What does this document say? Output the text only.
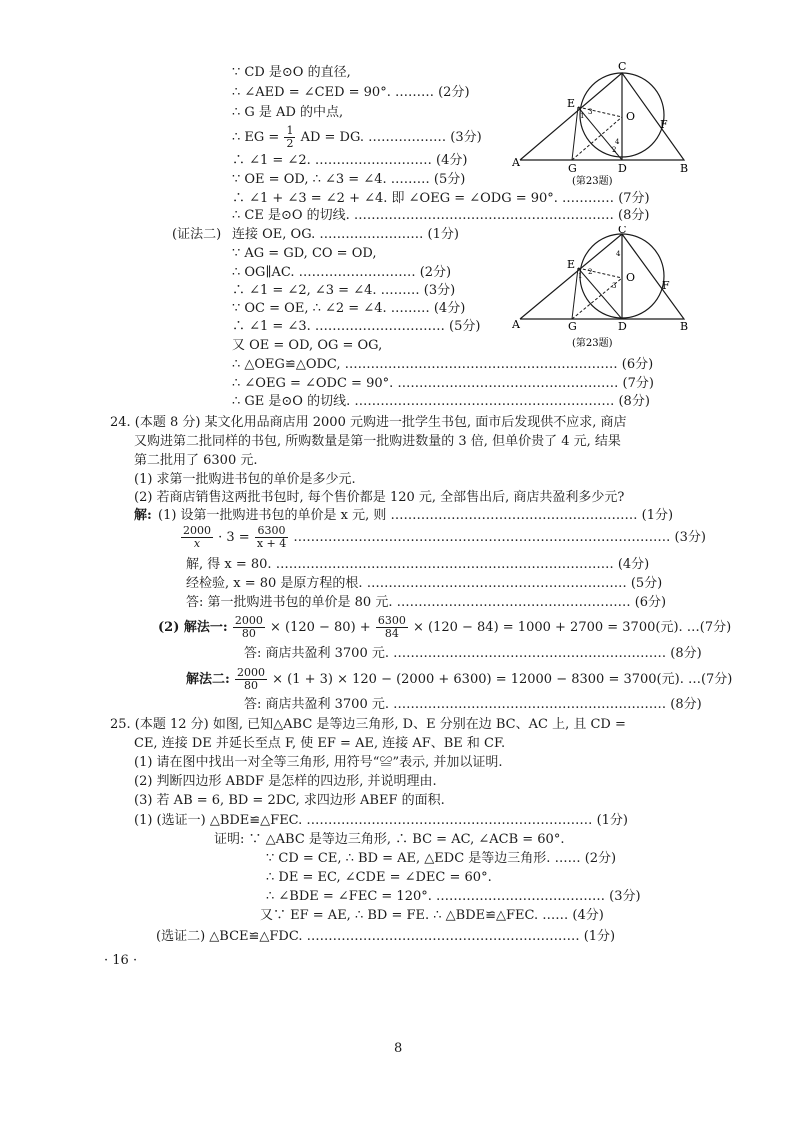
∵ CD 是⊙O 的直径,
∴ ∠AED = ∠CED = 90°. ……… (2分)
∴ G 是 AD 的中点,
∴ EG = $\frac{1}{2}$ AD = DG. ……………… (3分)
∴ ∠1 = ∠2. ……………………… (4分)
∵ OE = OD, ∴ ∠3 = ∠4. ……… (5分)
∴ ∠1 + ∠3 = ∠2 + ∠4. 即 ∠OEG = ∠ODG = 90°. ………… (7分)
∴ CE 是⊙O 的切线. …………………………………………………… (8分)
C
E
O
F
A	G	D	B
1
2
3
4
(第23题)
(证法二) 连接 OE, OG. …………………… (1分)
∵ AG = GD, CO = OD,
∴ OG∥AC. ……………………… (2分)
∴ ∠1 = ∠2, ∠3 = ∠4. ……… (3分)
∵ OC = OE, ∴ ∠2 = ∠4. ……… (4分)
∴ ∠1 = ∠3. ………………………… (5分)
又 OE = OD, OG = OG,
∴ △OEG≌△ODC, ……………………………………………………… (6分)
∴ ∠OEG = ∠ODC = 90°. …………………………………………… (7分)
∴ GE 是⊙O 的切线. …………………………………………………… (8分)
C
E
O
F
A	G	D	B
1 2
3
4
(第23题)
24. (本题 8 分) 某文化用品商店用 2000 元购进一批学生书包, 面市后发现供不应求, 商店
又购进第二批同样的书包, 所购数量是第一批购进数量的 3 倍, 但单价贵了 4 元, 结果
第二批用了 6300 元.
(1) 求第一批购进书包的单价是多少元.
(2) 若商店销售这两批书包时, 每个售价都是 120 元, 全部售出后, 商店共盈利多少元?
解: (1) 设第一批购进书包的单价是 x 元, 则 ………………………………………………… (1分)
$\frac{2000}{x} \cdot 3 = \frac{6300}{x + 4}$ …………………………………………………………………………… (3分)
解, 得 x = 80. …………………………………………………………………… (4分)
经检验, x = 80 是原方程的根. …………………………………………………… (5分)
答: 第一批购进书包的单价是 80 元. ……………………………………………… (6分)
(2) 解法一: $\frac{2000}{80} \times (120 - 80) + \frac{6300}{84} \times (120 - 84) = 1000 + 2700 = 3700$(元). …(7分)
答: 商店共盈利 3700 元. ……………………………………………………… (8分)
解法二: $\frac{2000}{80} \times (1 + 3) \times 120 - (2000 + 6300) = 12000 - 8300 = 3700$(元). …(7分)
答: 商店共盈利 3700 元. ……………………………………………………… (8分)
25. (本题 12 分) 如图, 已知△ABC 是等边三角形, D、E 分别在边 BC、AC 上, 且 CD =
CE, 连接 DE 并延长至点 F, 使 EF = AE, 连接 AF、BE 和 CF.
(1) 请在图中找出一对全等三角形, 用符号“≌”表示, 并加以证明.
(2) 判断四边形 ABDF 是怎样的四边形, 并说明理由.
(3) 若 AB = 6, BD = 2DC, 求四边形 ABEF 的面积.
(1) (选证一) △BDE≌△FEC. ………………………………………………………… (1分)
证明: ∵ △ABC 是等边三角形, ∴ BC = AC, ∠ACB = 60°.
∵ CD = CE, ∴ BD = AE, △EDC 是等边三角形. …… (2分)
∴ DE = EC, ∠CDE = ∠DEC = 60°.
∴ ∠BDE = ∠FEC = 120°. ………………………………… (3分)
又∵ EF = AE, ∴ BD = FE. ∴ △BDE≌△FEC. …… (4分)
(选证二) △BCE≌△FDC. ……………………………………………………… (1分)
· 16 ·
8
